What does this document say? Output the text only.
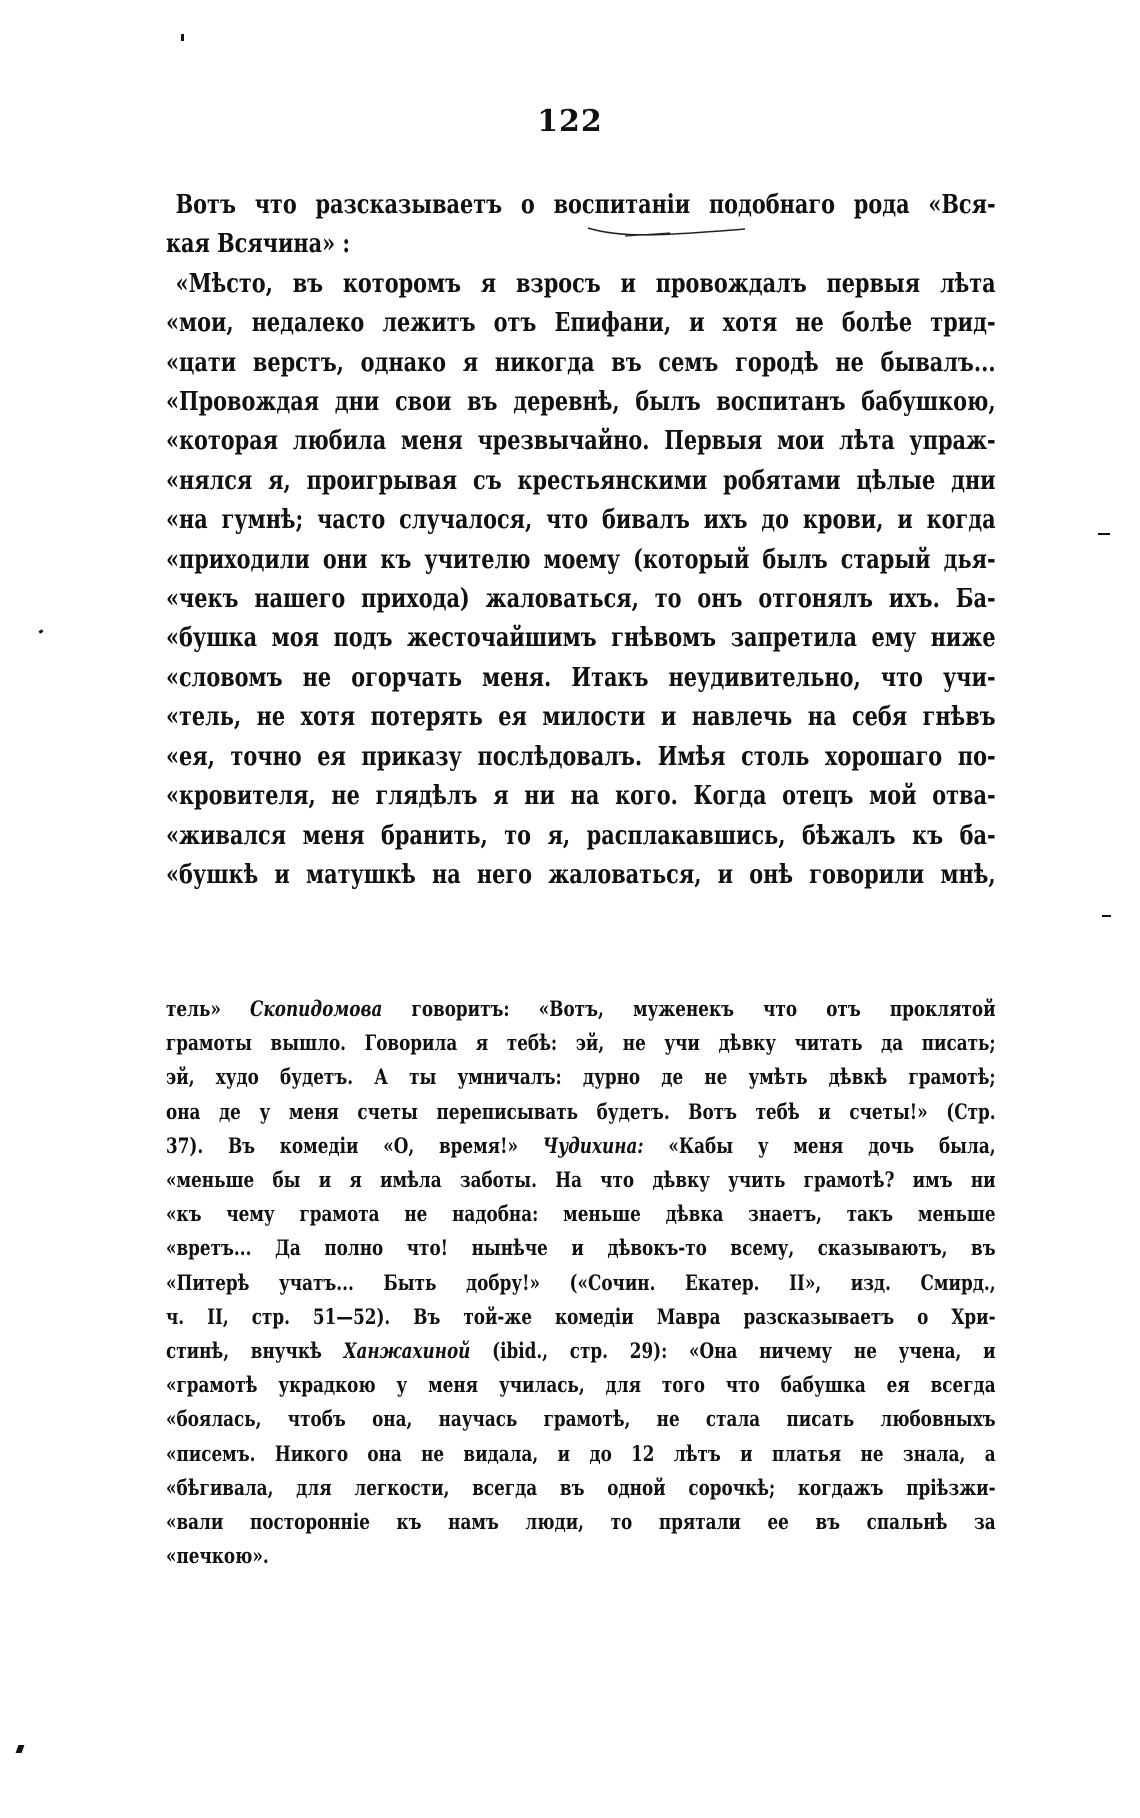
122
Вотъ что разсказываетъ о воспитаніи подобнаго рода «Вся-
кая Всячина» :
«Мѣсто, въ которомъ я взросъ и провождалъ первыя лѣта
«мои, недалеко лежитъ отъ Епифани, и хотя не болѣе трид-
«цати верстъ, однако я никогда въ семъ городѣ не бывалъ...
«Провождая дни свои въ деревнѣ, былъ воспитанъ бабушкою,
«которая любила меня чрезвычайно. Первыя мои лѣта упраж-
«нялся я, проигрывая съ крестьянскими робятами цѣлые дни
«на гумнѣ; часто случалося, что бивалъ ихъ до крови, и когда
«приходили они къ учителю моему (который былъ старый дья-
«чекъ нашего прихода) жаловаться, то онъ отгонялъ ихъ. Ба-
«бушка моя подъ жесточайшимъ гнѣвомъ запретила ему ниже
«словомъ не огорчать меня. Итакъ неудивительно, что учи-
«тель, не хотя потерять ея милости и навлечь на себя гнѣвъ
«ея, точно ея приказу послѣдовалъ. Имѣя столь хорошаго по-
«кровителя, не глядѣлъ я ни на кого. Когда отецъ мой отва-
«живался меня бранить, то я, расплакавшись, бѣжалъ къ ба-
«бушкѣ и матушкѣ на него жаловаться, и онѣ говорили мнѣ,
тель» Скопидомова говоритъ: «Вотъ, муженекъ что отъ проклятой
грамоты вышло. Говорила я тебѣ: эй, не учи дѣвку читать да писать;
эй, худо будетъ. А ты умничалъ: дурно де не умѣть дѣвкѣ грамотѣ;
она де у меня счеты переписывать будетъ. Вотъ тебѣ и счеты!» (Стр.
37). Въ комедіи «О, время!» Чудихина: «Кабы у меня дочь была,
«меньше бы и я имѣла заботы. На что дѣвку учить грамотѣ? имъ ни
«къ чему грамота не надобна: меньше дѣвка знаетъ, такъ меньше
«вретъ... Да полно что! нынѣче и дѣвокъ-то всему, сказываютъ, въ
«Питерѣ учатъ... Быть добру!» («Сочин. Екатер. II», изд. Смирд.,
ч. II, стр. 51—52). Въ той-же комедіи Мавра разсказываетъ о Хри-
стинѣ, внучкѣ Ханжахиной (ibid., стр. 29): «Она ничему не учена, и
«грамотѣ украдкою у меня училась, для того что бабушка ея всегда
«боялась, чтобъ она, научась грамотѣ, не стала писать любовныхъ
«писемъ. Никого она не видала, и до 12 лѣтъ и платья не знала, а
«бѣгивала, для легкости, всегда въ одной сорочкѣ; когдажъ пріѣзжи-
«вали посторонніе къ намъ люди, то прятали ее въ спальнѣ за
«печкою».
